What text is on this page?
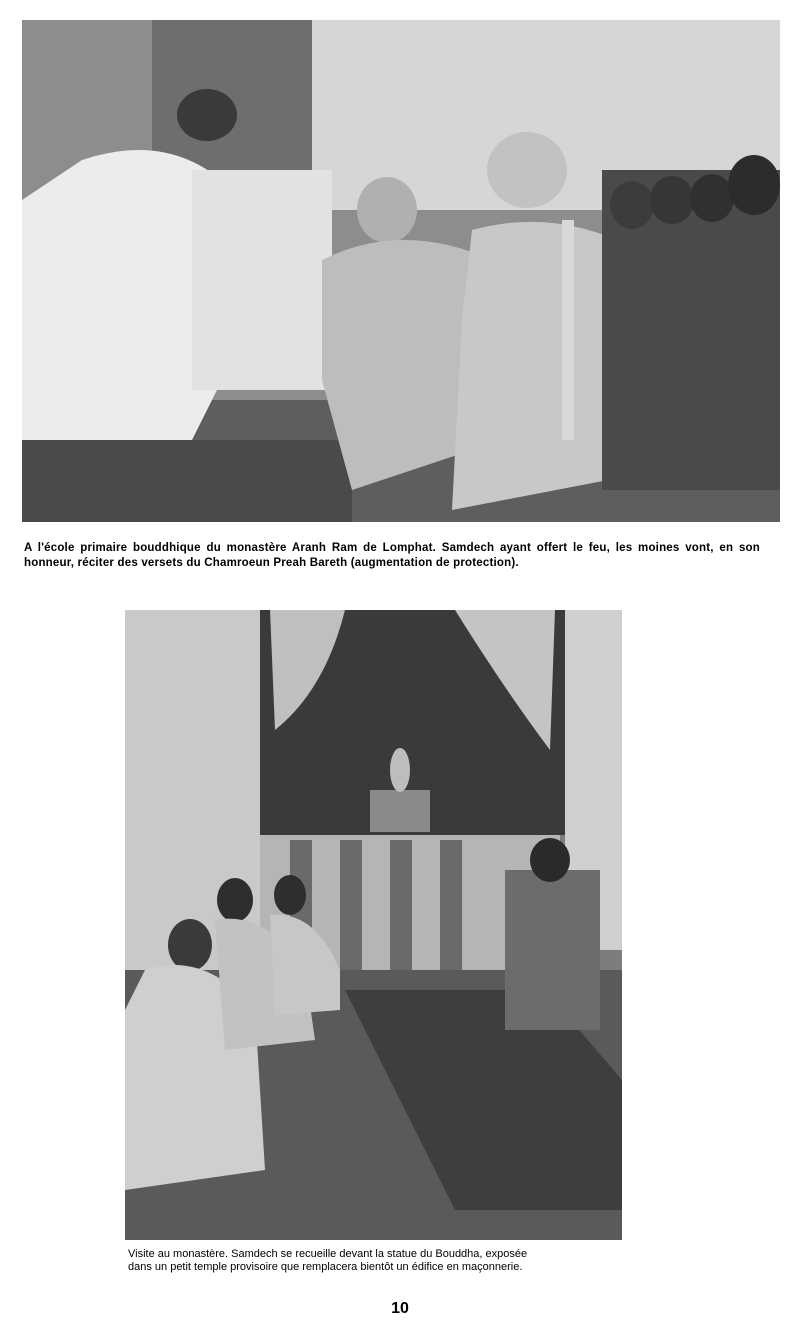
A l'école primaire bouddhique du monastère Aranh Ram de Lomphat. Samdech ayant offert le feu, les moines vont, en son honneur, réciter des versets du Chamroeun Preah Bareth (augmentation de protection).
Visite au monastère. Samdech se recueille devant la statue du Bouddha, exposée
dans un petit temple provisoire que remplacera bientôt un édifice en maçonnerie.
10
